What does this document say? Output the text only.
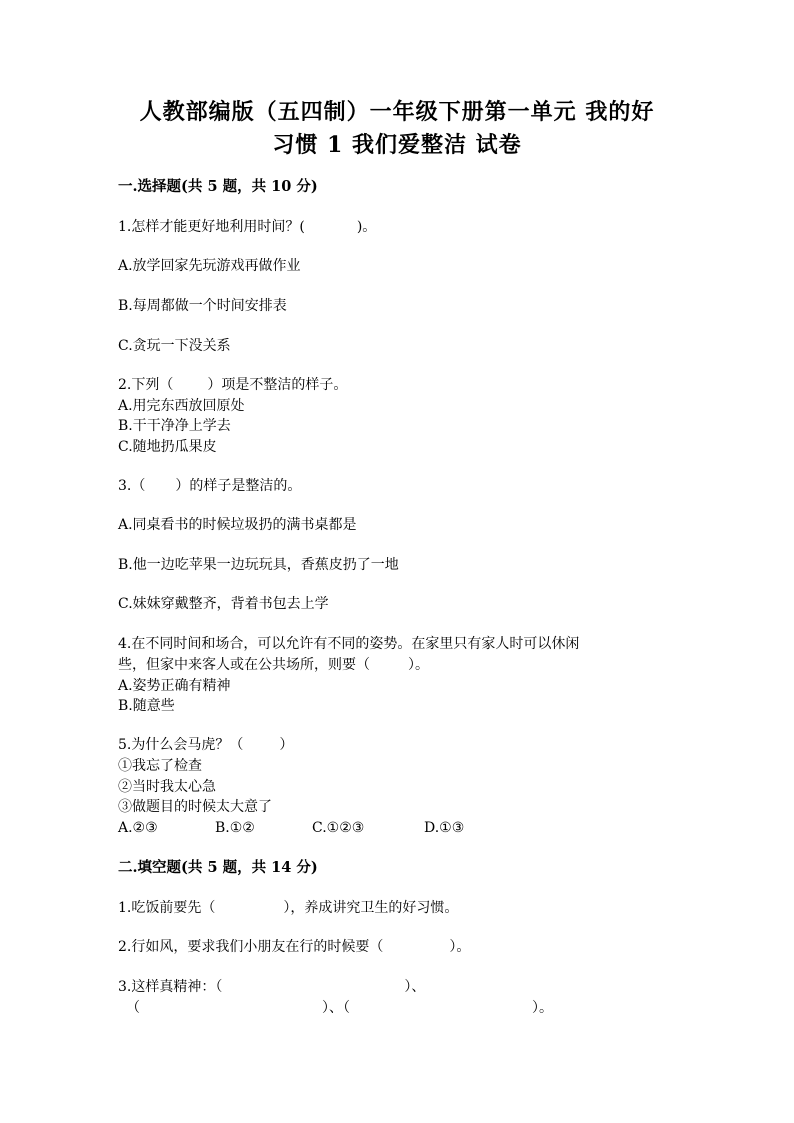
人教部编版（五四制）一年级下册第一单元 我的好
习惯 1 我们爱整洁 试卷
一.选择题(共 5 题，共 10 分)
1.怎样才能更好地利用时间？(	)。
A.放学回家先玩游戏再做作业
B.每周都做一个时间安排表
C.贪玩一下没关系
2.下列（ ）项是不整洁的样子。
A.用完东西放回原处
B.干干净净上学去
C.随地扔瓜果皮
3.（ ）的样子是整洁的。
A.同桌看书的时候垃圾扔的满书桌都是
B.他一边吃苹果一边玩玩具，香蕉皮扔了一地
C.妹妹穿戴整齐，背着书包去上学
4.在不同时间和场合，可以允许有不同的姿势。在家里只有家人时可以休闲
些，但家中来客人或在公共场所，则要（	）。
A.姿势正确有精神
B.随意些
5.为什么会马虎？（	）
①我忘了检查
②当时我太心急
③做题目的时候太大意了
A.②③	B.①②	C.①②③	D.①③
二.填空题(共 5 题，共 14 分)
1.吃饭前要先（	），养成讲究卫生的好习惯。
2.行如风，要求我们小朋友在行的时候要（	）。
3.这样真精神：（	）、
（	）、（	）。
